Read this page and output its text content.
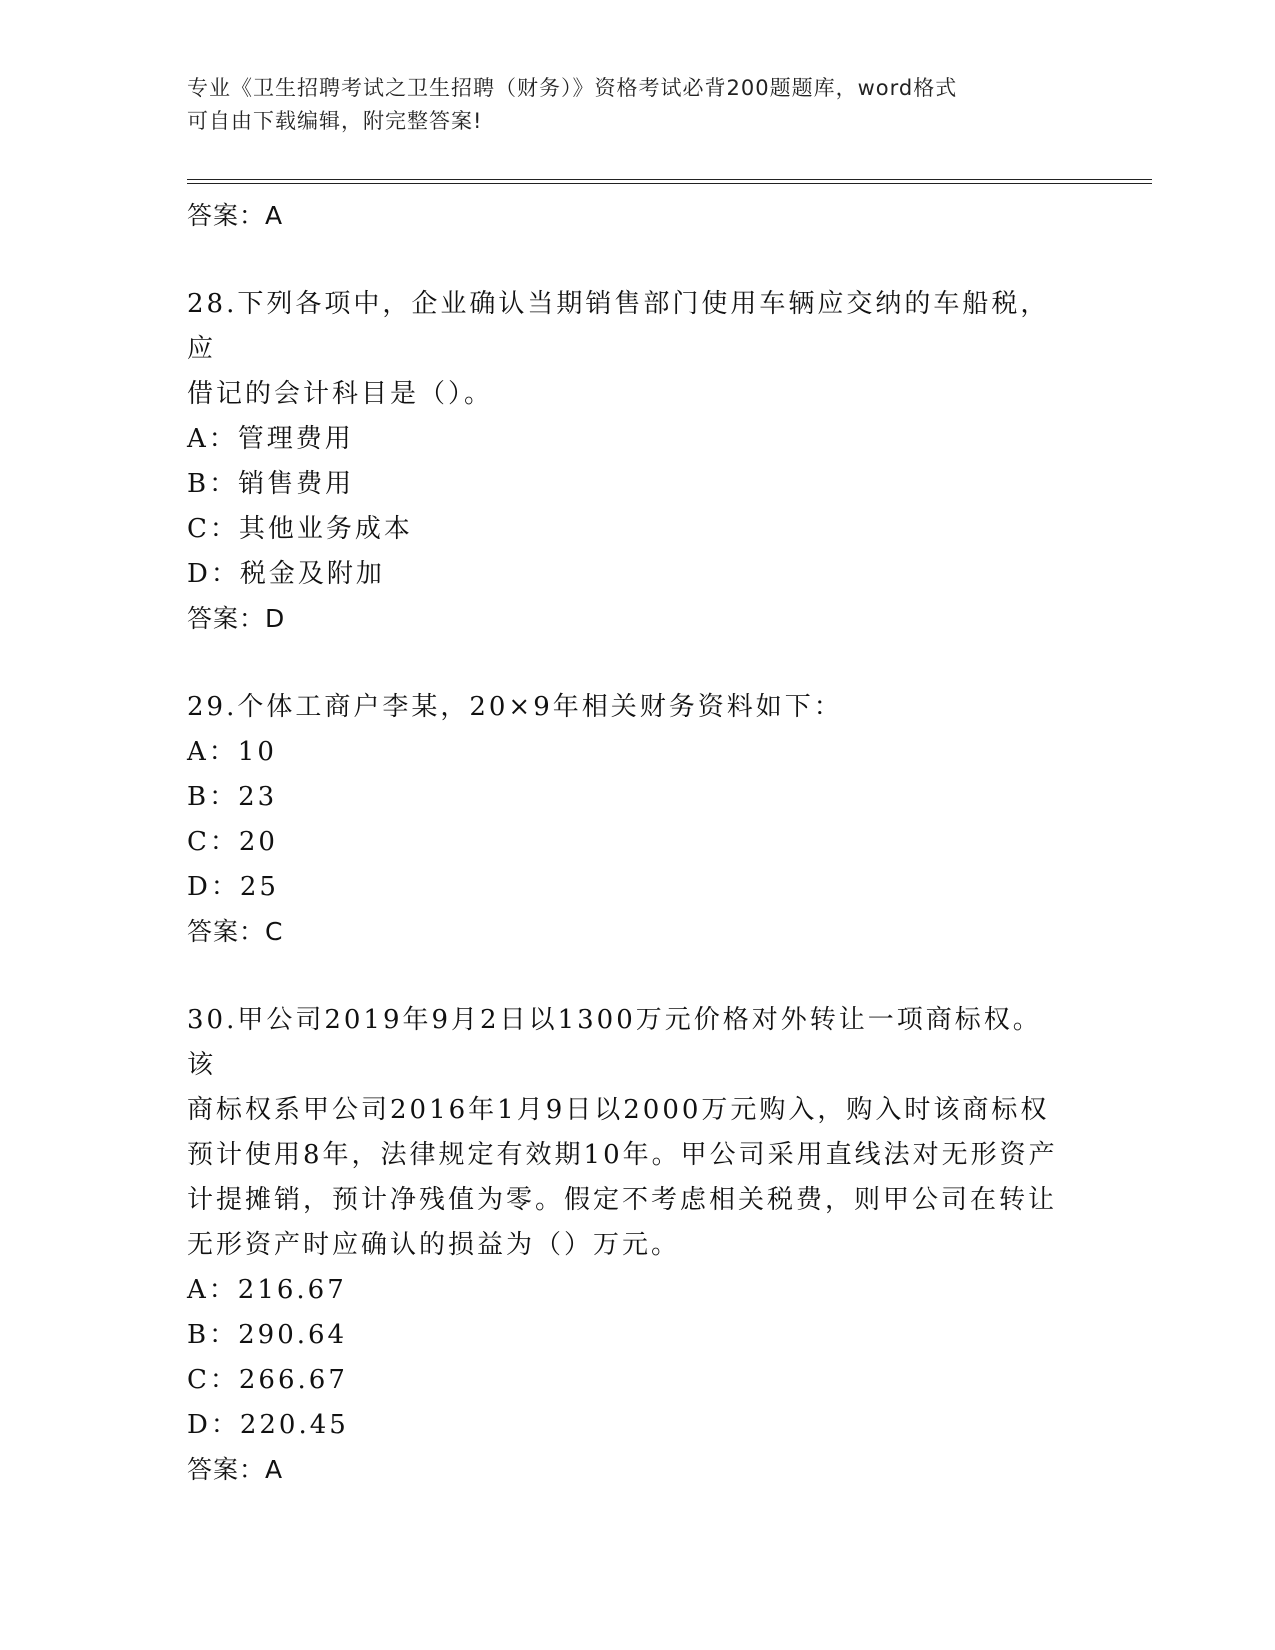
专业《卫生招聘考试之卫生招聘（财务）》资格考试必背200题题库，word格式
可自由下载编辑，附完整答案!
答案：A
28.下列各项中，企业确认当期销售部门使用车辆应交纳的车船税，应
借记的会计科目是（）。
A：管理费用
B：销售费用
C：其他业务成本
D：税金及附加
答案：D
29.个体工商户李某，20×9年相关财务资料如下：
A：10
B：23
C：20
D：25
答案：C
30.甲公司2019年9月2日以1300万元价格对外转让一项商标权。该
商标权系甲公司2016年1月9日以2000万元购入，购入时该商标权
预计使用8年，法律规定有效期10年。甲公司采用直线法对无形资产
计提摊销，预计净残值为零。假定不考虑相关税费，则甲公司在转让
无形资产时应确认的损益为（）万元。
A：216.67
B：290.64
C：266.67
D：220.45
答案：A
